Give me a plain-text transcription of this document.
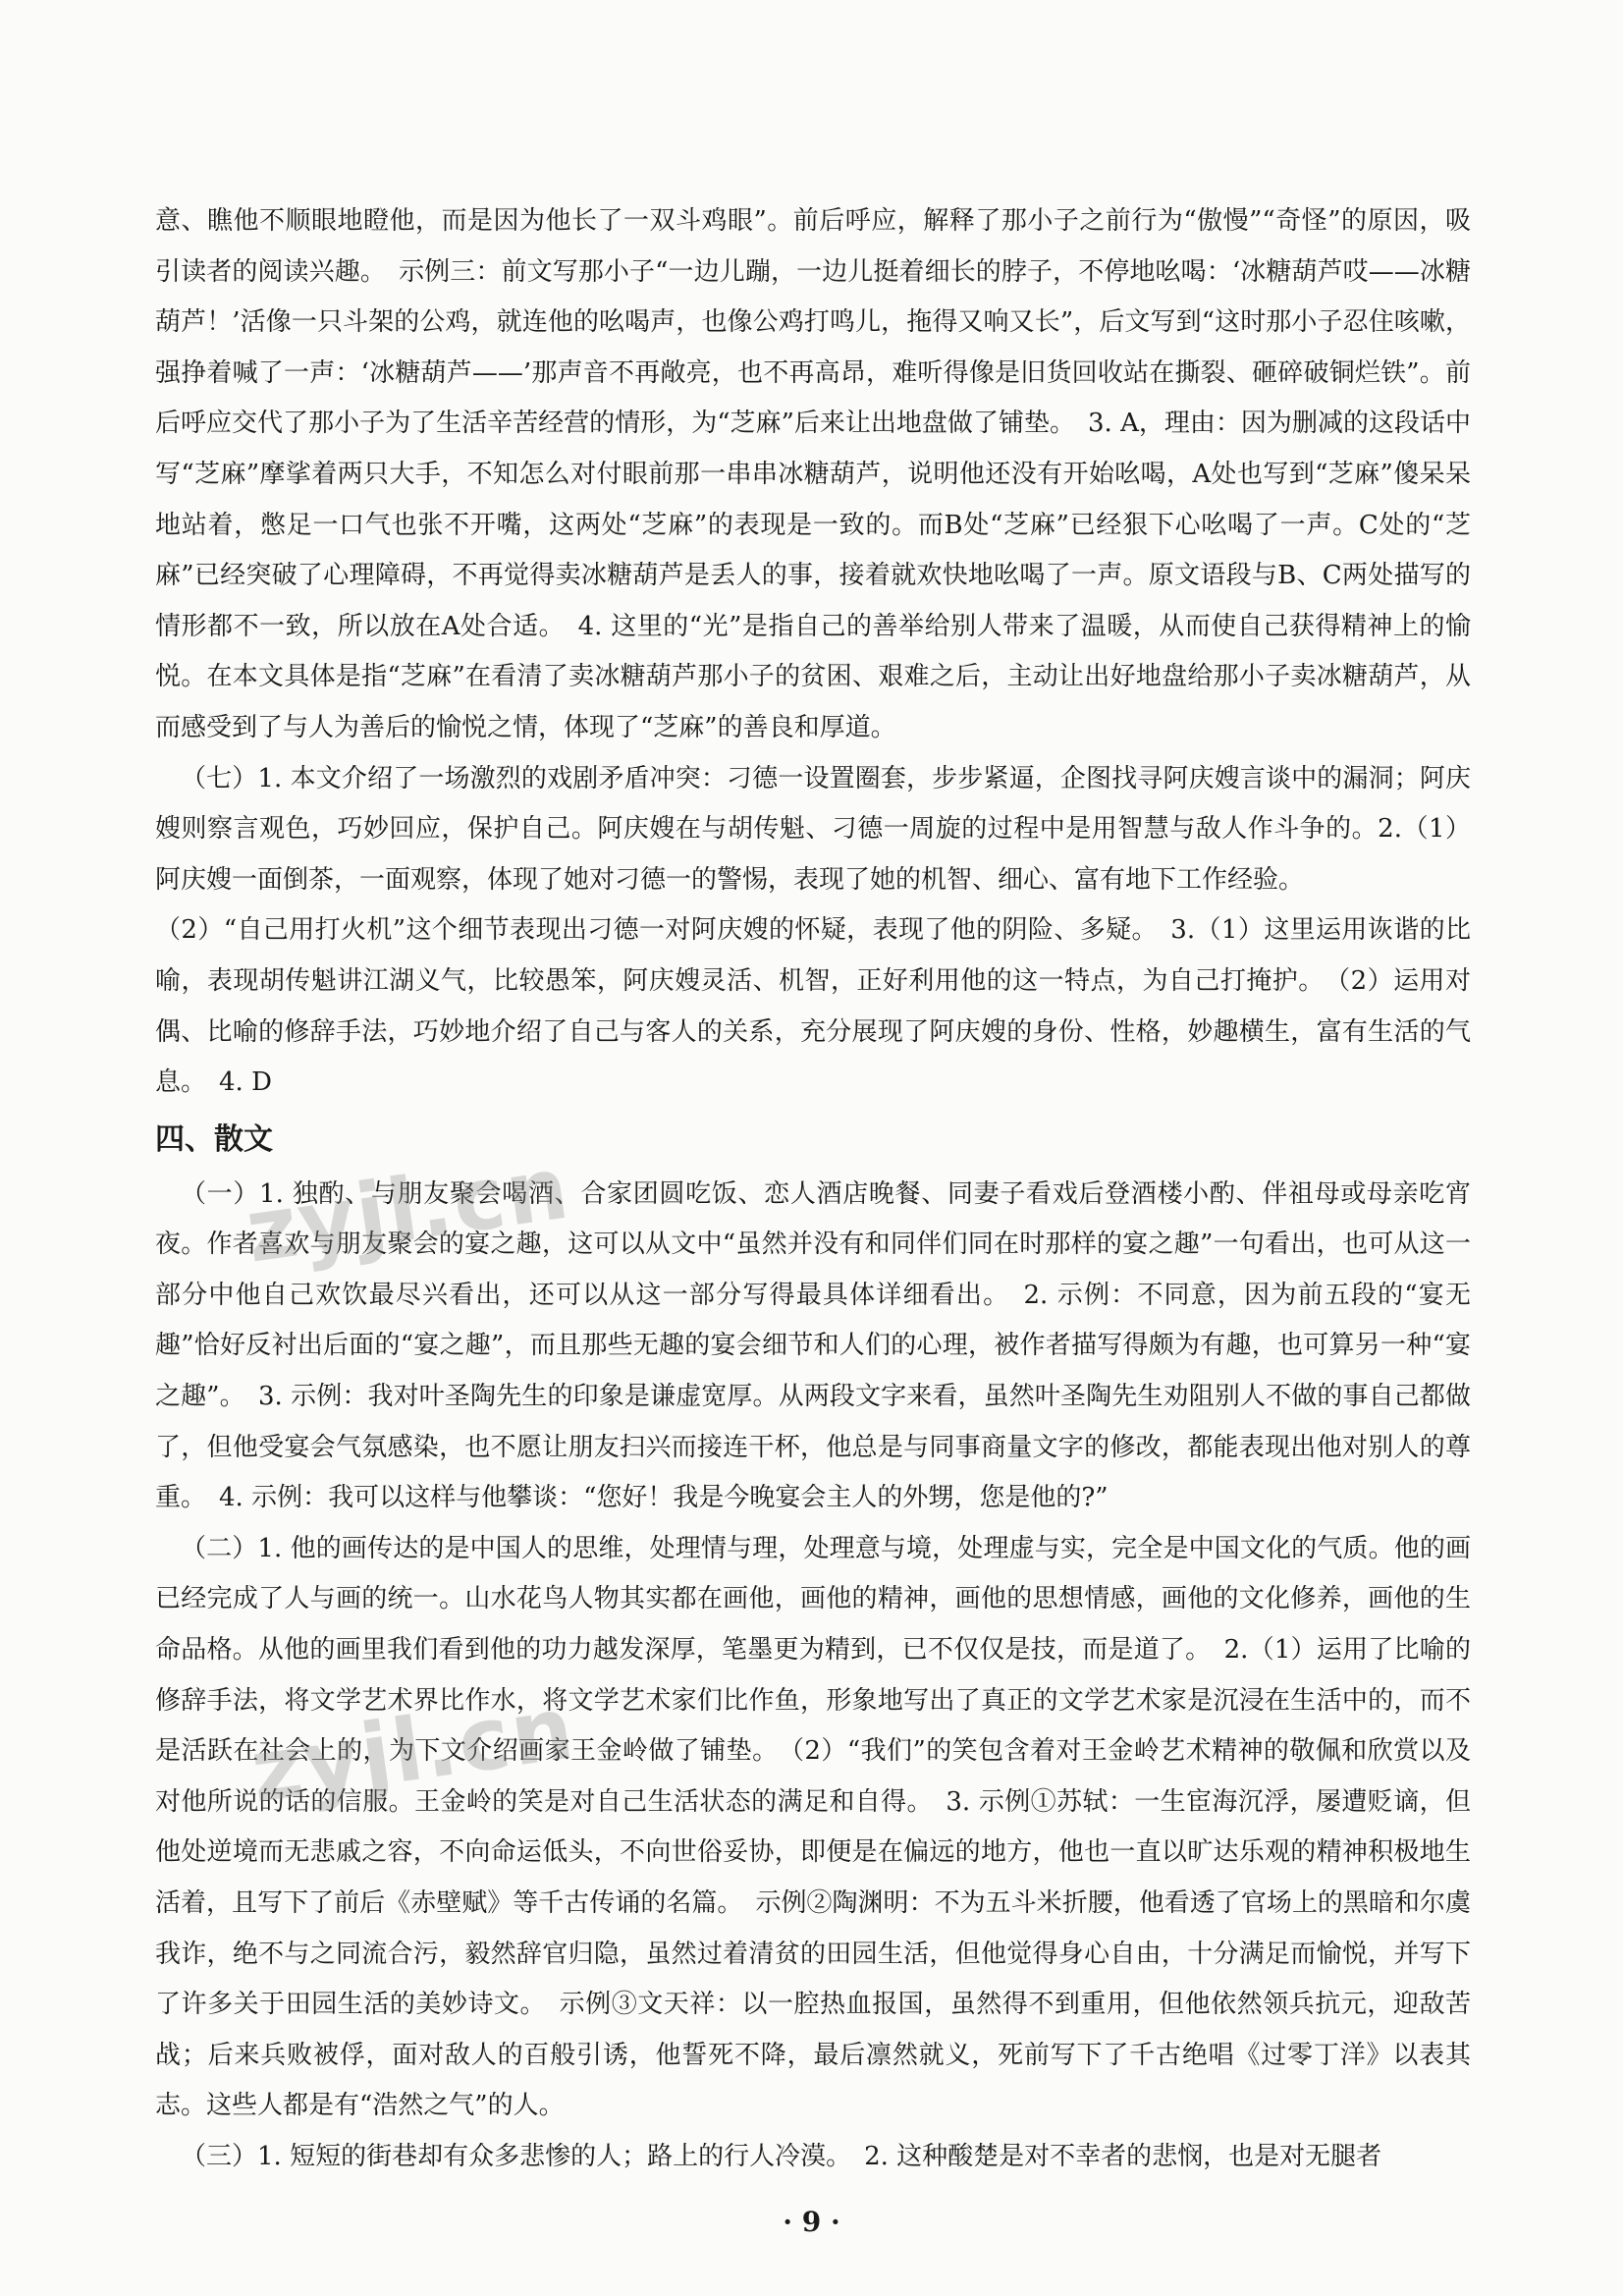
意、瞧他不顺眼地瞪他，而是因为他长了一双斗鸡眼”。前后呼应，解释了那小子之前行为“傲慢”“奇怪”的原因，吸引读者的阅读兴趣。　示例三：前文写那小子“一边儿蹦，一边儿挺着细长的脖子，不停地吆喝：‘冰糖葫芦哎——冰糖葫芦！’活像一只斗架的公鸡，就连他的吆喝声，也像公鸡打鸣儿，拖得又响又长”，后文写到“这时那小子忍住咳嗽，强挣着喊了一声：‘冰糖葫芦——’那声音不再敞亮，也不再高昂，难听得像是旧货回收站在撕裂、砸碎破铜烂铁”。前后呼应交代了那小子为了生活辛苦经营的情形，为“芝麻”后来让出地盘做了铺垫。　3. A，理由：因为删减的这段话中写“芝麻”摩挲着两只大手，不知怎么对付眼前那一串串冰糖葫芦，说明他还没有开始吆喝，A处也写到“芝麻”傻呆呆地站着，憋足一口气也张不开嘴，这两处“芝麻”的表现是一致的。而B处“芝麻”已经狠下心吆喝了一声。C处的“芝麻”已经突破了心理障碍，不再觉得卖冰糖葫芦是丢人的事，接着就欢快地吆喝了一声。原文语段与B、C两处描写的情形都不一致，所以放在A处合适。　4. 这里的“光”是指自己的善举给别人带来了温暖，从而使自己获得精神上的愉悦。在本文具体是指“芝麻”在看清了卖冰糖葫芦那小子的贫困、艰难之后，主动让出好地盘给那小子卖冰糖葫芦，从而感受到了与人为善后的愉悦之情，体现了“芝麻”的善良和厚道。

（七）1. 本文介绍了一场激烈的戏剧矛盾冲突：刁德一设置圈套，步步紧逼，企图找寻阿庆嫂言谈中的漏洞；阿庆嫂则察言观色，巧妙回应，保护自己。阿庆嫂在与胡传魁、刁德一周旋的过程中是用智慧与敌人作斗争的。2.（1）阿庆嫂一面倒茶，一面观察，体现了她对刁德一的警惕，表现了她的机智、细心、富有地下工作经验。

（2）“自己用打火机”这个细节表现出刁德一对阿庆嫂的怀疑，表现了他的阴险、多疑。　3.（1）这里运用诙谐的比喻，表现胡传魁讲江湖义气，比较愚笨，阿庆嫂灵活、机智，正好利用他的这一特点，为自己打掩护。　（2）运用对偶、比喻的修辞手法，巧妙地介绍了自己与客人的关系，充分展现了阿庆嫂的身份、性格，妙趣横生，富有生活的气息。　4. D

四、散文

（一）1. 独酌、与朋友聚会喝酒、合家团圆吃饭、恋人酒店晚餐、同妻子看戏后登酒楼小酌、伴祖母或母亲吃宵夜。作者喜欢与朋友聚会的宴之趣，这可以从文中“虽然并没有和同伴们同在时那样的宴之趣”一句看出，也可从这一部分中他自己欢饮最尽兴看出，还可以从这一部分写得最具体详细看出。　2. 示例：不同意，因为前五段的“宴无趣”恰好反衬出后面的“宴之趣”，而且那些无趣的宴会细节和人们的心理，被作者描写得颇为有趣，也可算另一种“宴之趣”。　3. 示例：我对叶圣陶先生的印象是谦虚宽厚。从两段文字来看，虽然叶圣陶先生劝阻别人不做的事自己都做了，但他受宴会气氛感染，也不愿让朋友扫兴而接连干杯，他总是与同事商量文字的修改，都能表现出他对别人的尊重。　4. 示例：我可以这样与他攀谈：“您好！我是今晚宴会主人的外甥，您是他的?”

（二）1. 他的画传达的是中国人的思维，处理情与理，处理意与境，处理虚与实，完全是中国文化的气质。他的画已经完成了人与画的统一。山水花鸟人物其实都在画他，画他的精神，画他的思想情感，画他的文化修养，画他的生命品格。从他的画里我们看到他的功力越发深厚，笔墨更为精到，已不仅仅是技，而是道了。　2.（1）运用了比喻的修辞手法，将文学艺术界比作水，将文学艺术家们比作鱼，形象地写出了真正的文学艺术家是沉浸在生活中的，而不是活跃在社会上的，为下文介绍画家王金岭做了铺垫。　（2）“我们”的笑包含着对王金岭艺术精神的敬佩和欣赏以及对他所说的话的信服。王金岭的笑是对自己生活状态的满足和自得。　3. 示例①苏轼：一生宦海沉浮，屡遭贬谪，但他处逆境而无悲戚之容，不向命运低头，不向世俗妥协，即便是在偏远的地方，他也一直以旷达乐观的精神积极地生活着，且写下了前后《赤壁赋》等千古传诵的名篇。　示例②陶渊明：不为五斗米折腰，他看透了官场上的黑暗和尔虞我诈，绝不与之同流合污，毅然辞官归隐，虽然过着清贫的田园生活，但他觉得身心自由，十分满足而愉悦，并写下了许多关于田园生活的美妙诗文。　示例③文天祥：以一腔热血报国，虽然得不到重用，但他依然领兵抗元，迎敌苦战；后来兵败被俘，面对敌人的百般引诱，他誓死不降，最后凛然就义，死前写下了千古绝唱《过零丁洋》以表其志。这些人都是有“浩然之气”的人。

（三）1. 短短的街巷却有众多悲惨的人；路上的行人冷漠。　2. 这种酸楚是对不幸者的悲悯，也是对无腿者

zyjl.cn
zyjl.cn
· 9 ·
